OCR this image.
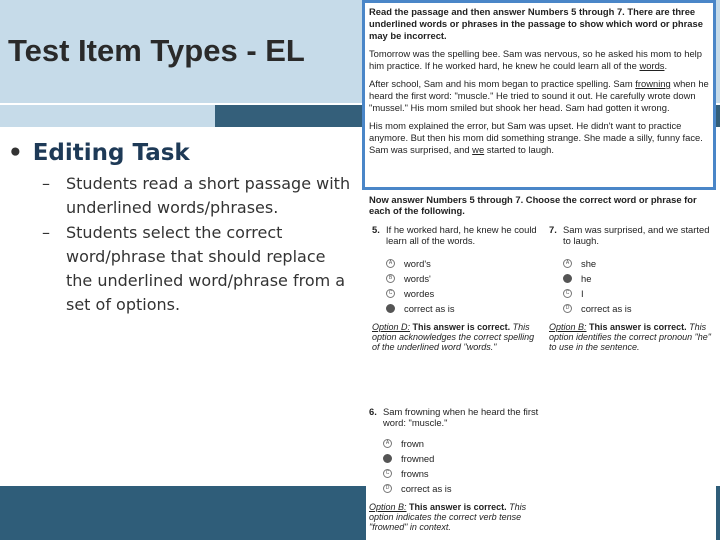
Test Item Types - EL
• Editing Task
–	Students read a short passage with underlined words/phrases.
–	Students select the correct word/phrase that should replace the underlined word/phrase from a set of options.

Read the passage and then answer Numbers 5 through 7. There are three underlined words or phrases in the passage to show which word or phrase may be incorrect.

Tomorrow was the spelling bee. Sam was nervous, so he asked his mom to help him practice. If he worked hard, he knew he could learn all of the words.

After school, Sam and his mom began to practice spelling. Sam frowning when he heard the first word: "muscle." He tried to sound it out. He carefully wrote down "mussel." His mom smiled but shook her head. Sam had gotten it wrong.

His mom explained the error, but Sam was upset. He didn't want to practice anymore. But then his mom did something strange. She made a silly, funny face. Sam was surprised, and we started to laugh.

Now answer Numbers 5 through 7. Choose the correct word or phrase for each of the following.
5. If he worked hard, he knew he could learn all of the words.
A	word's
B	words'
C wordes
correct as is
Option D: This answer is correct. This option acknowledges the correct spelling of the underlined word "words."
7. Sam was surprised, and we started to laugh.
A	she
he
C I
D correct as is
Option B: This answer is correct. This option identifies the correct pronoun "he" to use in the sentence.
6. Sam frowning when he heard the first word: "muscle."
A	frown
frowned
C frowns
D correct as is
Option B: This answer is correct. This option indicates the correct verb tense "frowned" in context.
